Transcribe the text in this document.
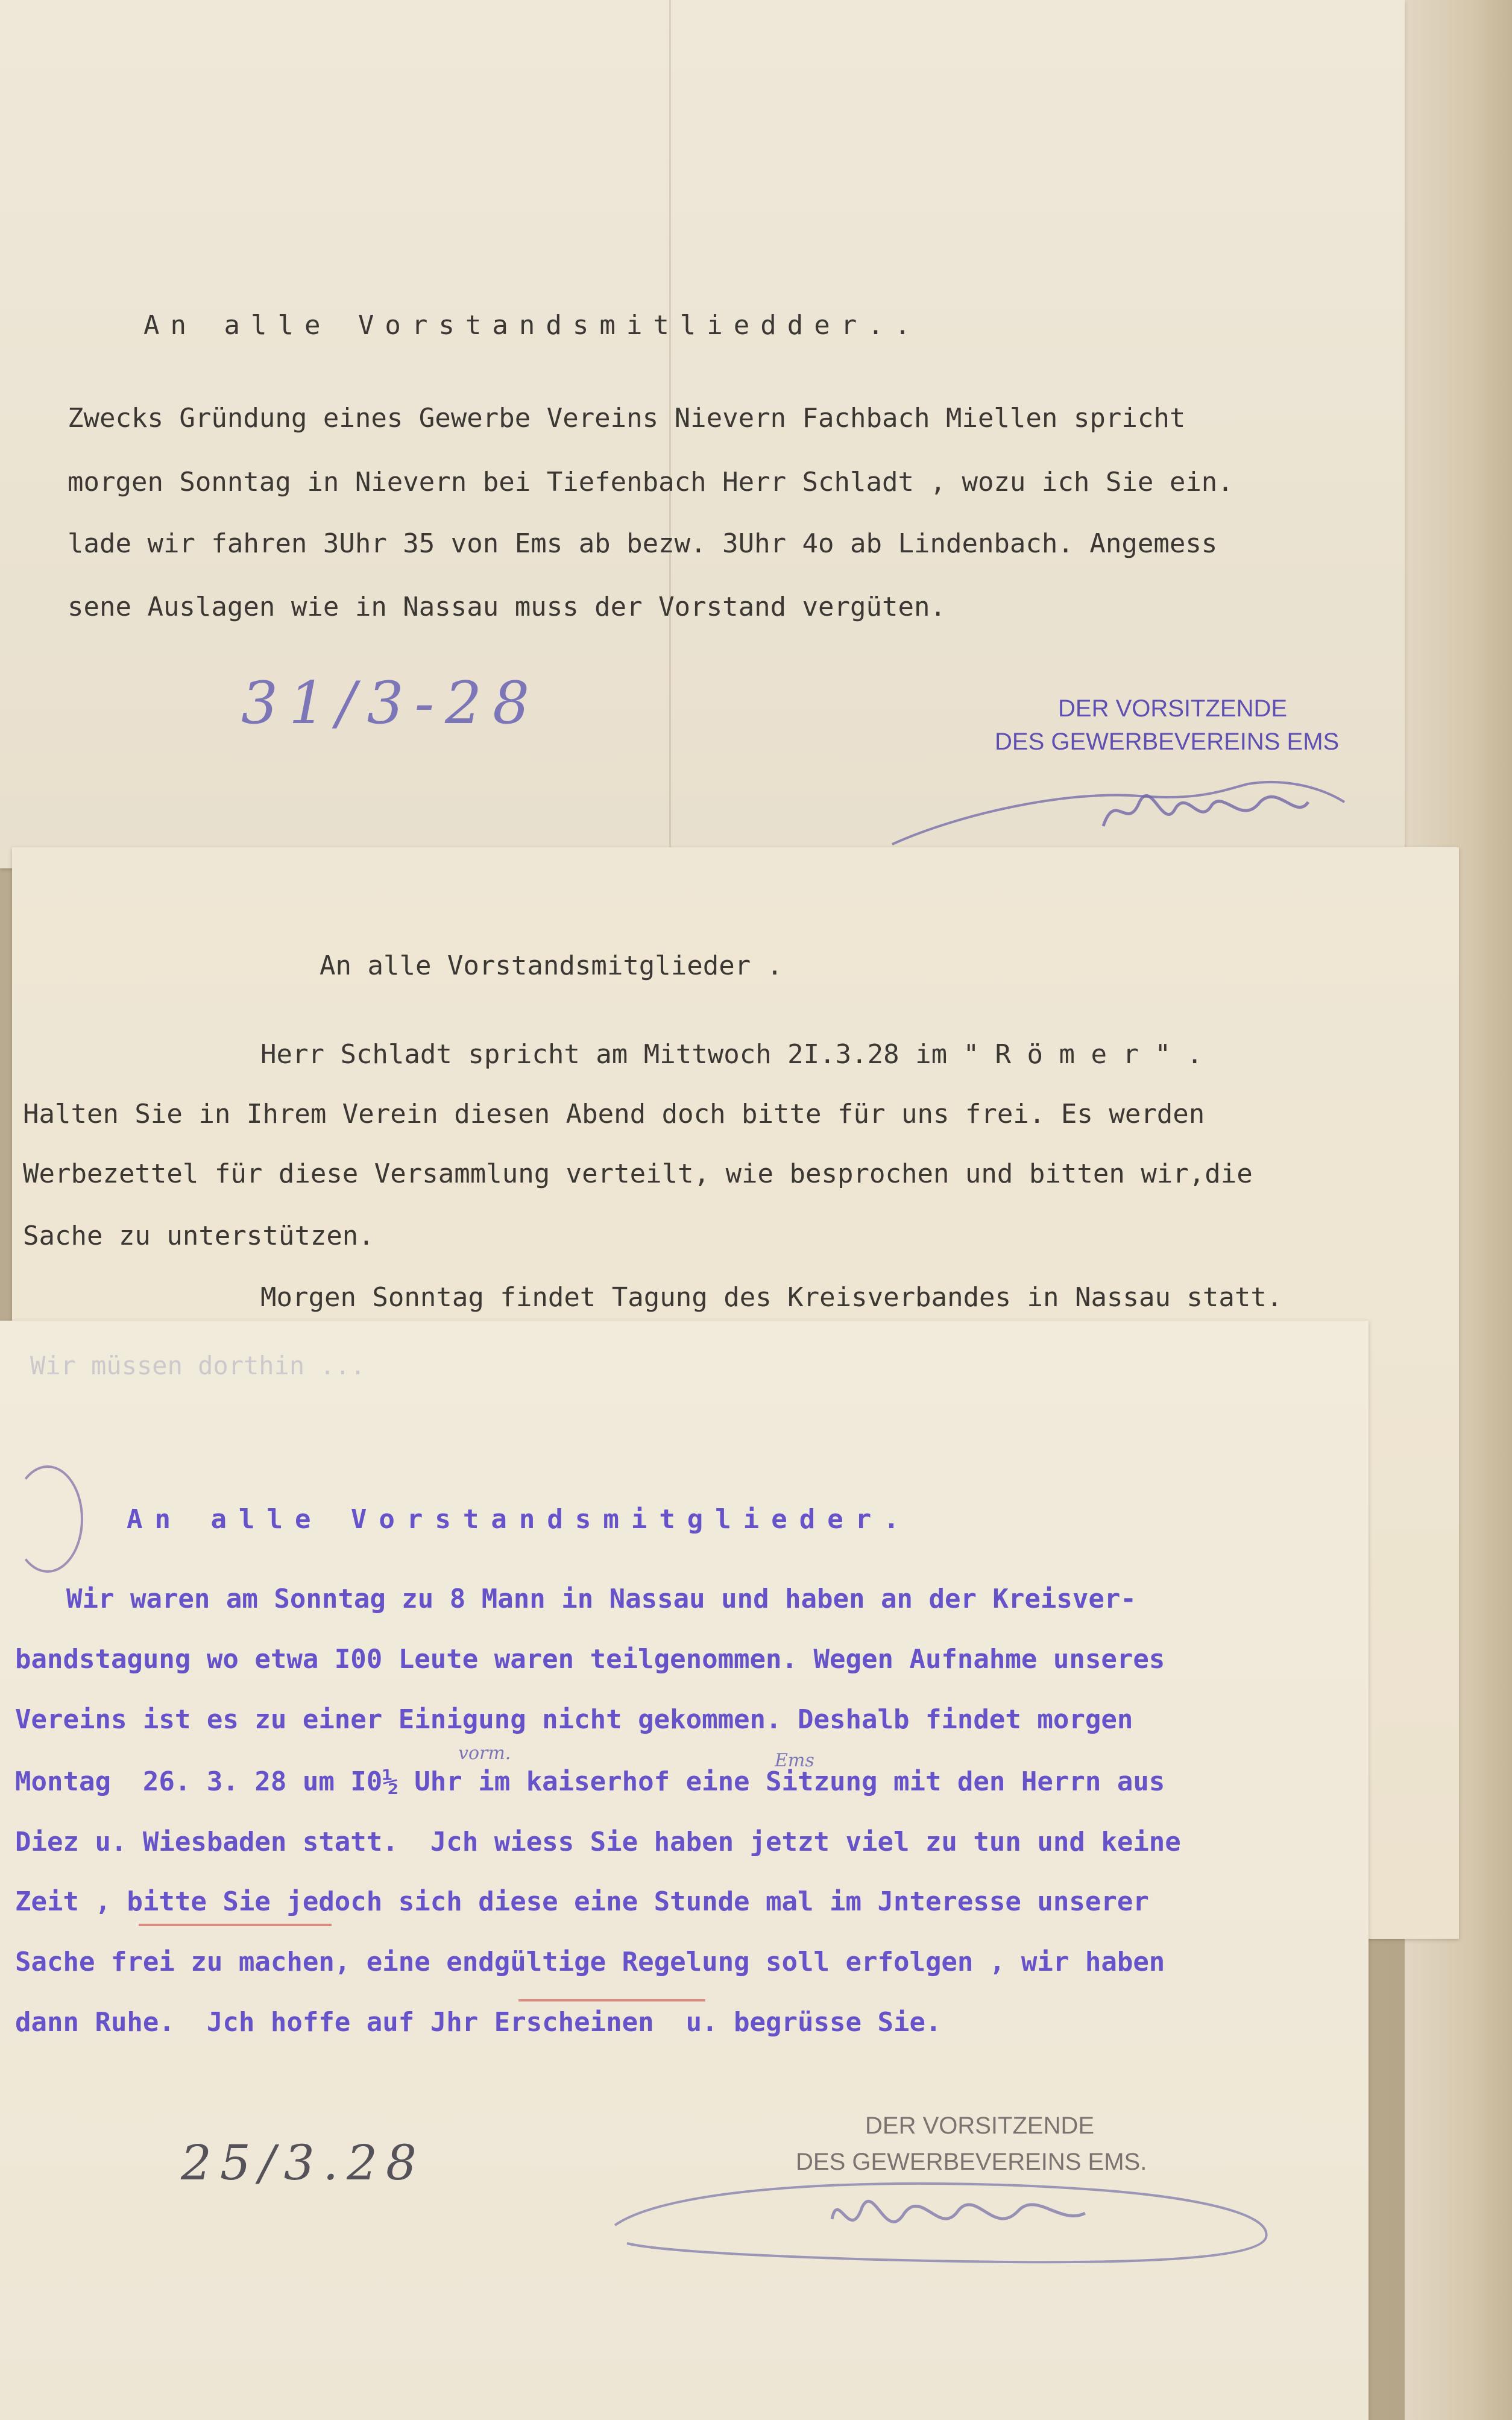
An alle Vorstandsmitliedder..
Zwecks Gründung eines Gewerbe Vereins Nievern Fachbach Miellen spricht
morgen Sonntag in Nievern bei Tiefenbach Herr Schladt , wozu ich Sie ein.
lade wir fahren 3Uhr 35 von Ems ab bezw. 3Uhr 4o ab Lindenbach. Angemess
sene Auslagen wie in Nassau muss der Vorstand vergüten.
31/3-28	DER VORSITZENDE
DES GEWERBEVEREINS EMS
An alle Vorstandsmitglieder .
Herr Schladt spricht am Mittwoch 2I.3.28 im " R ö m e r " .
Halten Sie in Ihrem Verein diesen Abend doch bitte für uns frei. Es werden
Werbezettel für diese Versammlung verteilt, wie besprochen und bitten wir,die
Sache zu unterstützen.
Morgen Sonntag findet Tagung des Kreisverbandes in Nassau statt.
Wir müssen dorthin ...
An alle Vorstandsmitglieder.
Wir waren am Sonntag zu 8 Mann in Nassau und haben an der Kreisver-
bandstagung wo etwa I00 Leute waren teilgenommen. Wegen Aufnahme unseres
Vereins ist es zu einer Einigung nicht gekommen. Deshalb findet morgen
Montag  26. 3. 28 um I0½ Uhr im kaiserhof eine Sitzung mit den Herrn aus
Diez u. Wiesbaden statt.  Jch wiess Sie haben jetzt viel zu tun und keine
Zeit , bitte Sie jedoch sich diese eine Stunde mal im Jnteresse unserer
Sache frei zu machen, eine endgültige Regelung soll erfolgen , wir haben
dann Ruhe.  Jch hoffe auf Jhr Erscheinen  u. begrüsse Sie.
vorm.	Ems
25/3.28
DER VORSITZENDE
DES GEWERBEVEREINS EMS.
